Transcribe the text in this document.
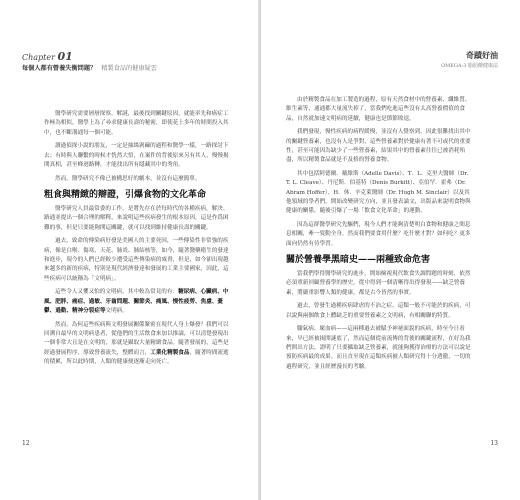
Chapter 01
每個人都有營養失衡問題？ 精製食品的健康疑雲

醫學研究需要層層探察、解謎，最後找到關鍵原因，就能率先和癌症工作極為相似，醫學上為了尋求健康長壽的秘密，即使花上多年的時間投入其中，也不斷溝通每一個可能。

讀過偵探小說的朋友，一定是抽絲剝繭的過程和醫學一樣，一路探討下去；有時與人聯繫的時候才恍然大悟，在案件的背後原來另有其人，慢慢揭開真相，甚至峰迴路轉，才能找出所有隱藏其中的秀角。

然而，醫學研究不像已被構思好的劇本，並沒有這麼簡單。

粗食與精緻的辯證，引爆食物的文化革命

醫學研究人員最常委的工作，是將先存在於每時代的各種疾病，解決、路通並提出一個合理的解釋，來說明這些疾病發生的根本原因，這是作爲困難的事，但是只要能夠開這關鍵，就可以找到維持健康長壽的關鍵。

過去，致命的傳染病好發是美國人的主要死因，一些傳染性非常強的疾病，像是白喉、傷寒、天花、肺炎、肺結核等，如今，隨著醫藥衛生的發達和進步，現今的人們已經較少遭受這些傳染病的威脅，但是，如今卻出現越來越多的新的疾病，特別是現代經濟發達和發展的工業主要國家，因此，這些疾病可以統稱為「文明病」。

這些令人又懼又怕的文明病，其中較為常見的有：糖尿病、心臟病、中風、肥胖、癌症、過敏、牙齒問題、關節炎、痛風、慢性疲勞、焦慮、憂鬱、過動、精神分裂症等文明病。

然而，為何這些疾病與文明發展關係緊密在現代人身上爆發？我們可以回溯自最早的文明病患者，從他們的生活飲食來加以推論，可以清楚發現出一個非常大且是在文明的，那就是攝取大量精緻食品。隨著發展的，這些是經過發展程序，導致營養流失，整體而言，工業化精製食品，隨著時間流逝的積累，所以此時期，人類的健康便逐漸走向死亡。

12
奇蹟好油
OMEGA-3 脂肪酸健康法

由於精製食品在加工製造的過程，原有天然食材中的營養素、纖維質、維生素等，通通都大量流失掉了，當我們吃進這些沒有太高營養價值的食品，自然就加速文明病的延續，健康也是節節敗退。

我們發現，慢性疾病的病程緩慢，並沒有人覺察到，因此很難找出其中的關鍵營養素，也沒有人是爭對，這些營養素對於健康有著不可或代的重要性，甚至可能因為缺少了一些營養素，結果其中的營養素往往已被消耗殆盡，所以精製食品就是不及格的營養食物。

其中包括阿德爾．戴維斯（Adelle Davis）、T．L．克里夫醫師（Dr. T. L. Cleave）、丹尼斯．伯基特（Denis Burkitt）、亞伯罕．霍弗（Dr. Abram Hoffer）、H．休．辛克萊醫師（Dr. Hugh M. Sinclair）以及其他領域的學者們，開始改變研究方向，並且發表論文，出版品來說明食物與健康的關係，隨後引爆了一場「飲食文化革命」的運動。

因為這群醫學研究先驅們，現今人們才能夠清楚明白食物和健康之間息息相關，牽一髮動全身，然而我們要食用什麼？吃什麼才對？如何吃？更多面向仍然有待學習。

關於營養學黑暗史——兩種致命危害

當我們學得醫學研究的進步，開始檢視現代飲食失調問題的時刻，依然必須重新回顧營養學的歷史，從中得到一個清晰得出得發現——缺乏營養素，將嚴重影響人類的健康，都是古今皆然的事實。

過去，曾發生過種疾病肆虐的不治之症，這類一般不可能於的疾病，可以說與兩個飲食上體缺乏的重要營養素之文明病，有相關聯的特質。

腳氣病、壞血病——這兩種過去被賦予神祕面貌的疾病，時至今日看來，早已經被揭開謎底了，然而這個從前流傳的背後的關鍵流程，在好為我們開出方法，證明了只要攝取缺乏營養素，就能夠獲得治療的方法可以說是預防疾病最的成果。而且直至現在這類疾病被人類研究得十分透徹，一切的過程研究，並且經歷漫長的考驗。

13
